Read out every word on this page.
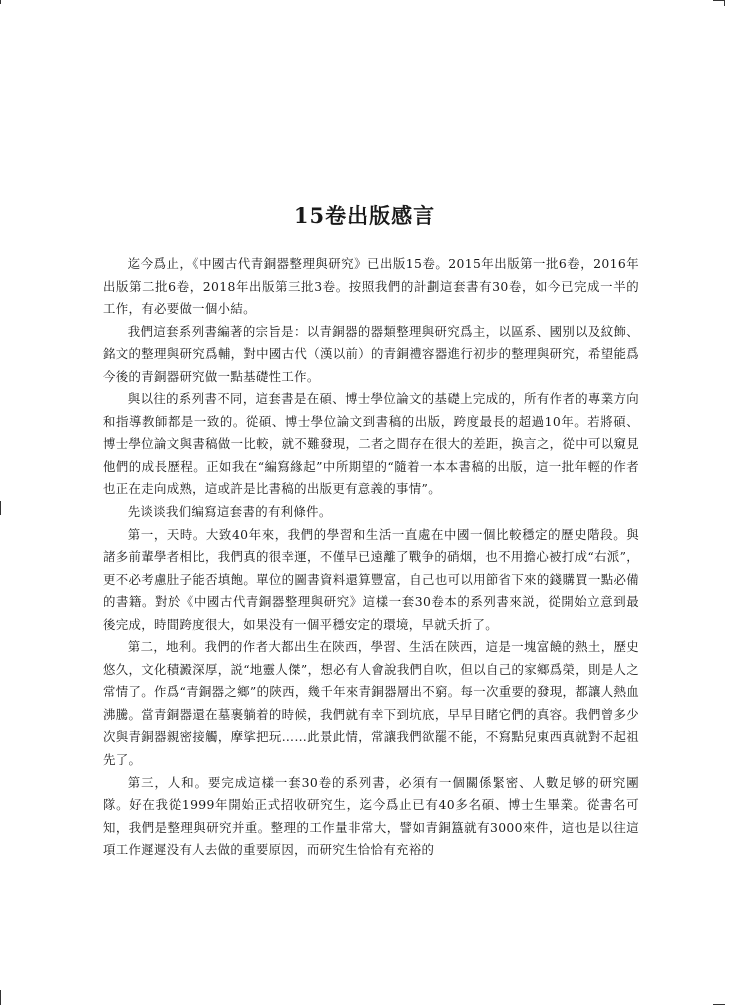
15卷出版感言

迄今爲止，《中國古代青銅器整理與研究》已出版15卷。2015年出版第一批6卷，2016年出版第二批6卷，2018年出版第三批3卷。按照我們的計劃這套書有30卷，如今已完成一半的工作，有必要做一個小結。

我們這套系列書編著的宗旨是：以青銅器的器類整理與研究爲主，以區系、國别以及紋飾、銘文的整理與研究爲輔，對中國古代（漢以前）的青銅禮容器進行初步的整理與研究，希望能爲今後的青銅器研究做一點基礎性工作。

與以往的系列書不同，這套書是在碩、博士學位論文的基礎上完成的，所有作者的專業方向和指導教師都是一致的。從碩、博士學位論文到書稿的出版，跨度最長的超過10年。若將碩、博士學位論文與書稿做一比較，就不難發現，二者之間存在很大的差距，换言之，從中可以窺見他們的成長歷程。正如我在“編寫緣起”中所期望的“隨着一本本書稿的出版，這一批年輕的作者也正在走向成熟，這或許是比書稿的出版更有意義的事情”。

先谈谈我们编寫這套書的有利條件。

第一，天時。大致40年來，我們的學習和生活一直處在中國一個比較穩定的歷史階段。與諸多前輩學者相比，我們真的很幸運，不僅早已遠離了戰争的硝烟，也不用擔心被打成“右派”，更不必考慮肚子能否填飽。單位的圖書資料還算豐富，自己也可以用節省下來的錢購買一點必備的書籍。對於《中國古代青銅器整理與研究》這樣一套30卷本的系列書來説，從開始立意到最後完成，時間跨度很大，如果没有一個平穩安定的環境，早就夭折了。

第二，地利。我們的作者大都出生在陝西，學習、生活在陝西，這是一塊富饒的熱土，歷史悠久，文化積澱深厚，説“地靈人傑”，想必有人會說我們自吹，但以自己的家鄉爲榮，則是人之常情了。作爲“青銅器之鄉”的陝西，幾千年來青銅器層出不窮。每一次重要的發現，都讓人熱血沸騰。當青銅器還在墓裹躺着的時候，我們就有幸下到坑底，早早目睹它們的真容。我們曾多少次與青銅器親密接觸，摩挲把玩……此景此情，常讓我們欲罷不能，不寫點兒東西真就對不起祖先了。

第三，人和。要完成這樣一套30卷的系列書，必須有一個關係緊密、人數足够的研究團隊。好在我從1999年開始正式招收研究生，迄今爲止已有40多名碩、博士生畢業。從書名可知，我們是整理與研究并重。整理的工作量非常大，譬如青銅簋就有3000來件，這也是以往這項工作遲遲没有人去做的重要原因，而研究生恰恰有充裕的
